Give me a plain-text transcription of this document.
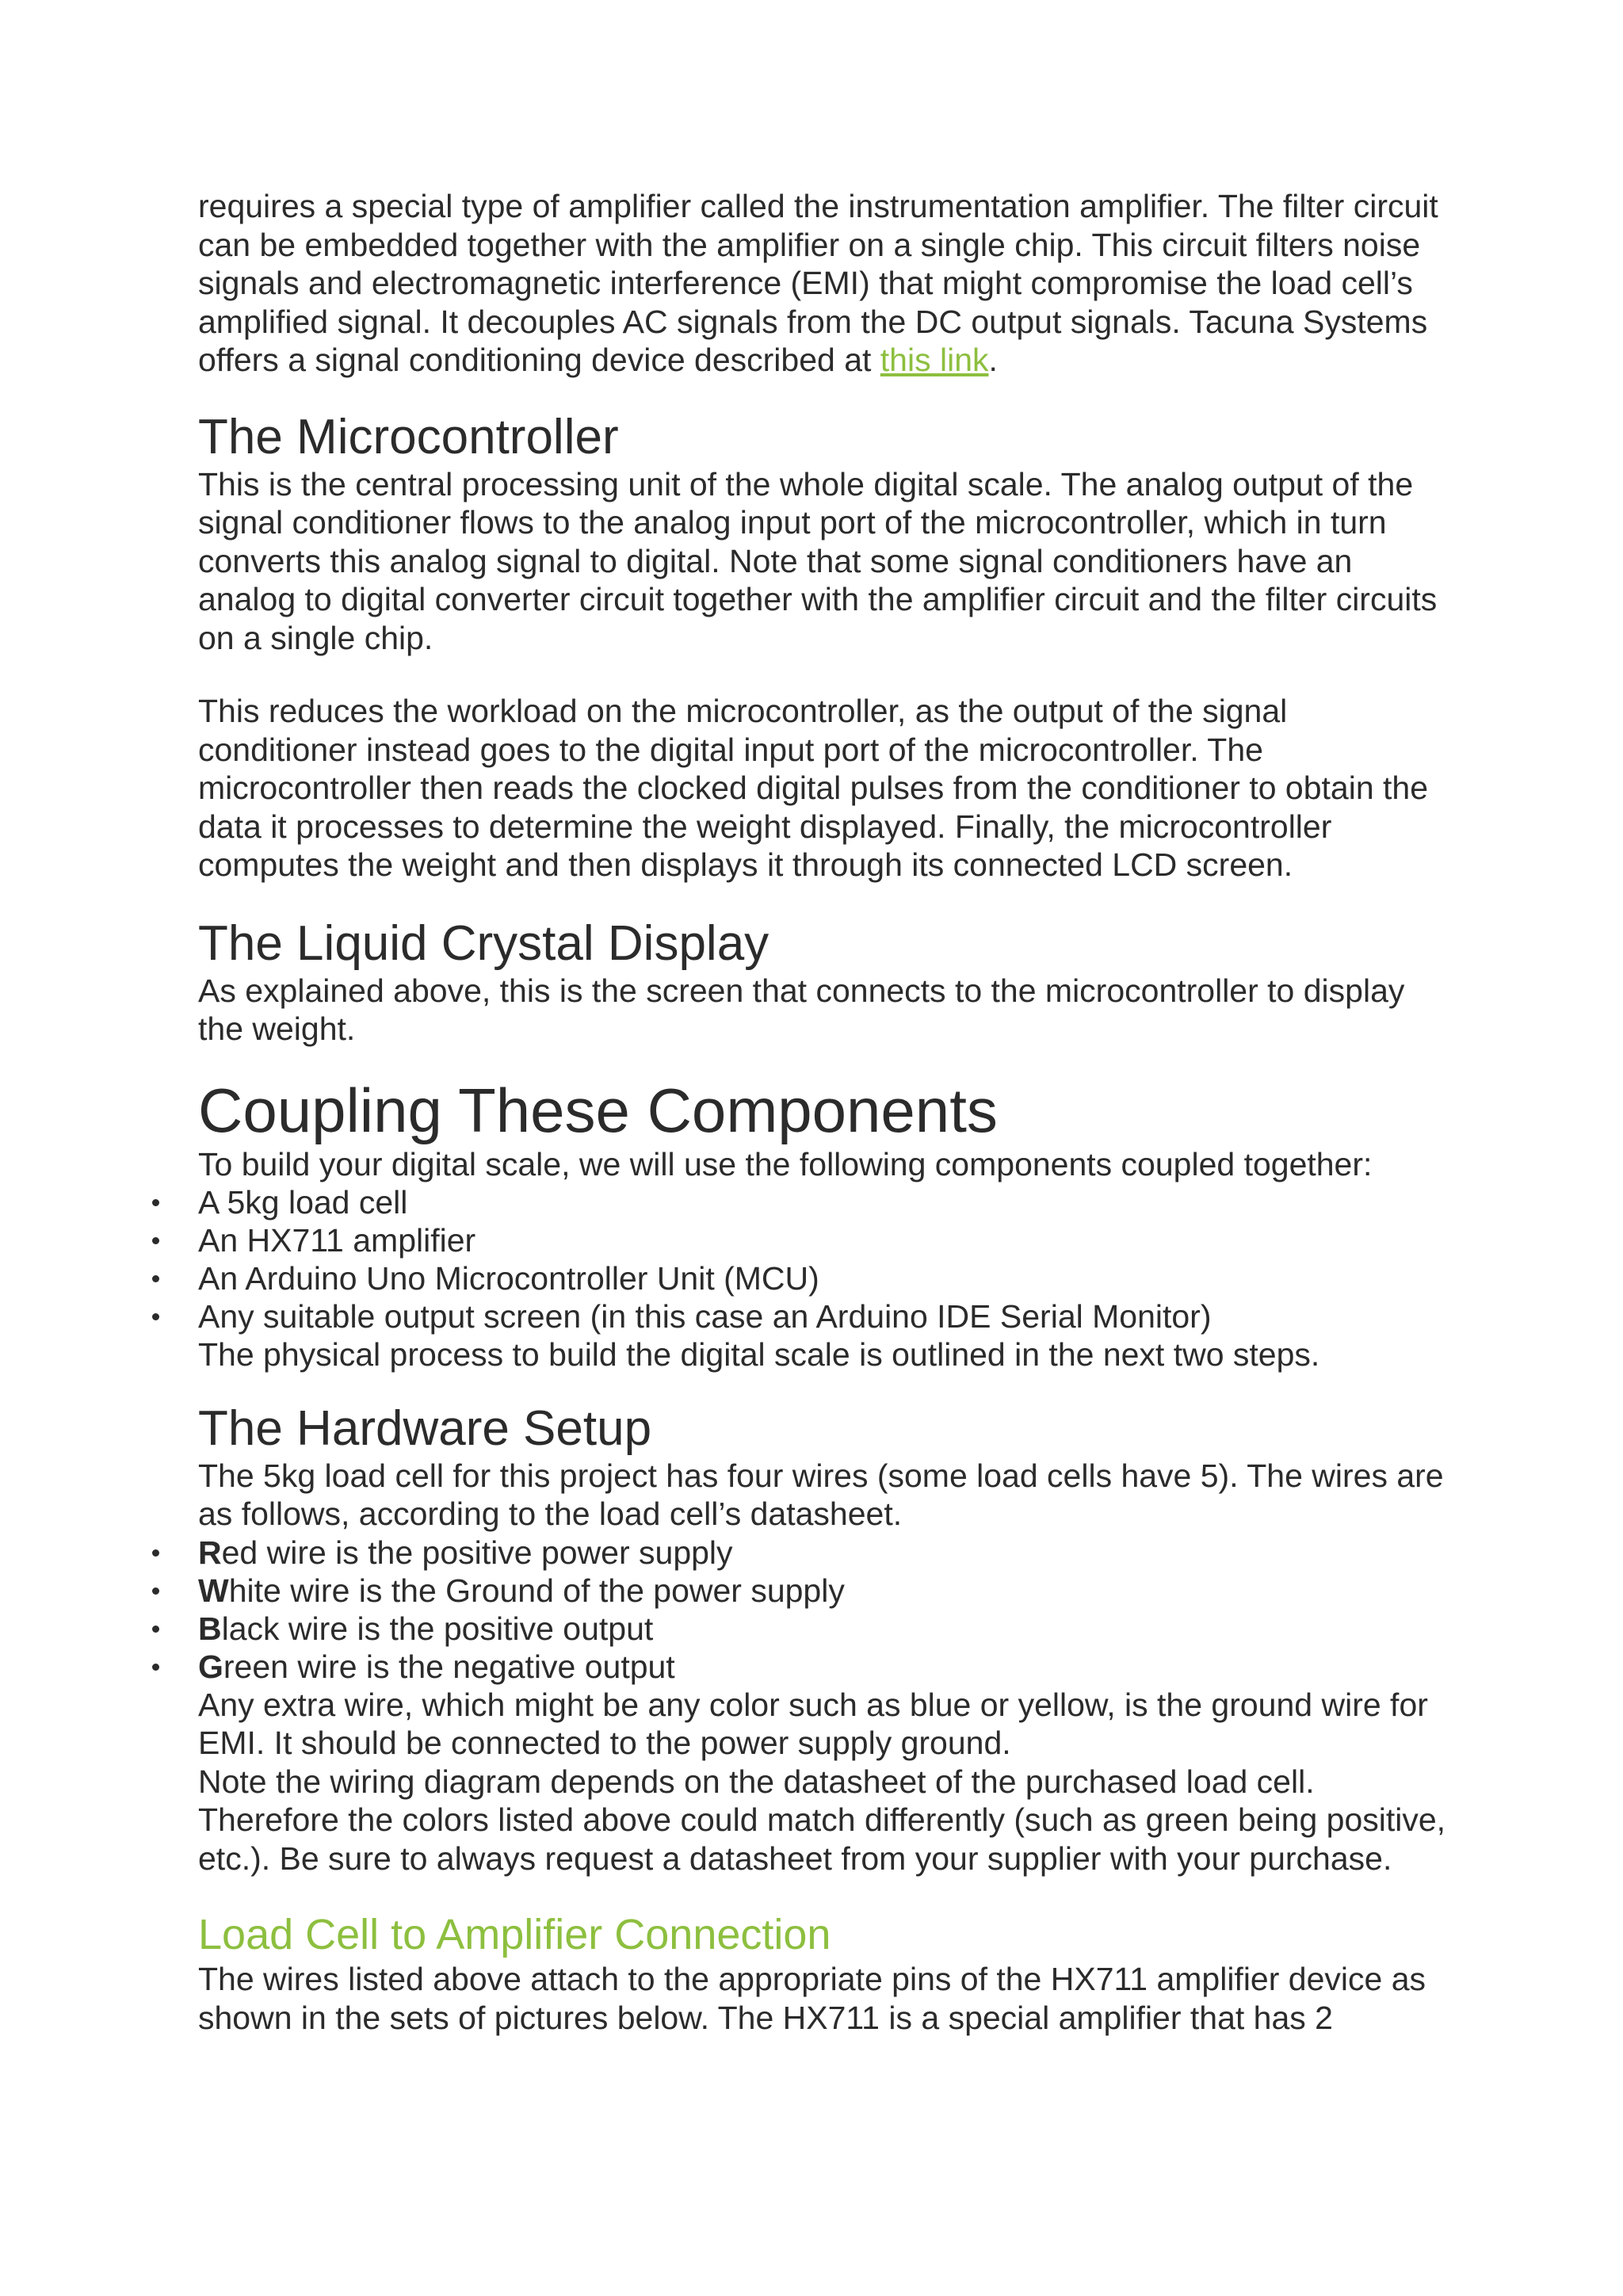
requires a special type of amplifier called the instrumentation amplifier. The filter circuit can be embedded together with the amplifier on a single chip. This circuit filters noise signals and electromagnetic interference (EMI) that might compromise the load cell’s amplified signal. It decouples AC signals from the DC output signals. Tacuna Systems offers a signal conditioning device described at this link.

The Microcontroller

This is the central processing unit of the whole digital scale. The analog output of the signal conditioner flows to the analog input port of the microcontroller, which in turn converts this analog signal to digital. Note that some signal conditioners have an analog to digital converter circuit together with the amplifier circuit and the filter circuits on a single chip.

This reduces the workload on the microcontroller, as the output of the signal conditioner instead goes to the digital input port of the microcontroller. The microcontroller then reads the clocked digital pulses from the conditioner to obtain the data it processes to determine the weight displayed. Finally, the microcontroller computes the weight and then displays it through its connected LCD screen.

The Liquid Crystal Display

As explained above, this is the screen that connects to the microcontroller to display the weight.

Coupling These Components

To build your digital scale, we will use the following components coupled together:

A 5kg load cell
An HX711 amplifier
An Arduino Uno Microcontroller Unit (MCU)
Any suitable output screen (in this case an Arduino IDE Serial Monitor)

The physical process to build the digital scale is outlined in the next two steps.

The Hardware Setup

The 5kg load cell for this project has four wires (some load cells have 5). The wires are as follows, according to the load cell’s datasheet.

Red wire is the positive power supply
White wire is the Ground of the power supply
Black wire is the positive output
Green wire is the negative output

Any extra wire, which might be any color such as blue or yellow, is the ground wire for EMI. It should be connected to the power supply ground.

Note the wiring diagram depends on the datasheet of the purchased load cell. Therefore the colors listed above could match differently (such as green being positive, etc.). Be sure to always request a datasheet from your supplier with your purchase.

Load Cell to Amplifier Connection

The wires listed above attach to the appropriate pins of the HX711 amplifier device as shown in the sets of pictures below. The HX711 is a special amplifier that has 2
